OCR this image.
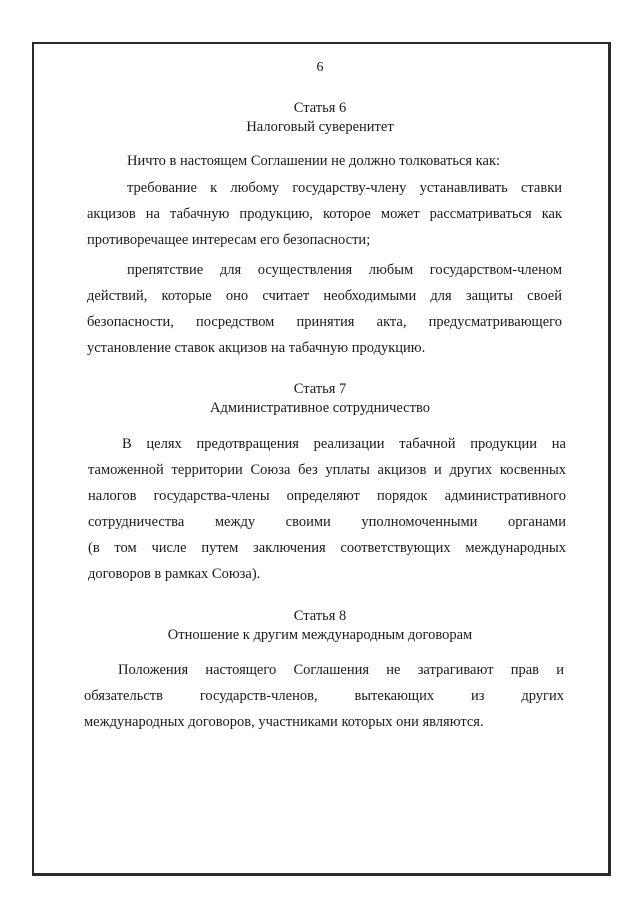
6
Статья 6
Налоговый суверенитет
Ничто в настоящем Соглашении не должно толковаться как:
требование к любому государству-члену устанавливать ставки
акцизов на табачную продукцию, которое может рассматриваться как
противоречащее интересам его безопасности;
препятствие для осуществления любым государством-членом
действий, которые оно считает необходимыми для защиты своей
безопасности, посредством принятия акта, предусматривающего
установление ставок акцизов на табачную продукцию.
Статья 7
Административное сотрудничество
В целях предотвращения реализации табачной продукции на
таможенной территории Союза без уплаты акцизов и других косвенных
налогов государства-члены определяют порядок административного
сотрудничества между своими уполномоченными органами
(в том числе путем заключения соответствующих международных
договоров в рамках Союза).
Статья 8
Отношение к другим международным договорам
Положения настоящего Соглашения не затрагивают прав и
обязательств государств-членов, вытекающих из других
международных договоров, участниками которых они являются.
